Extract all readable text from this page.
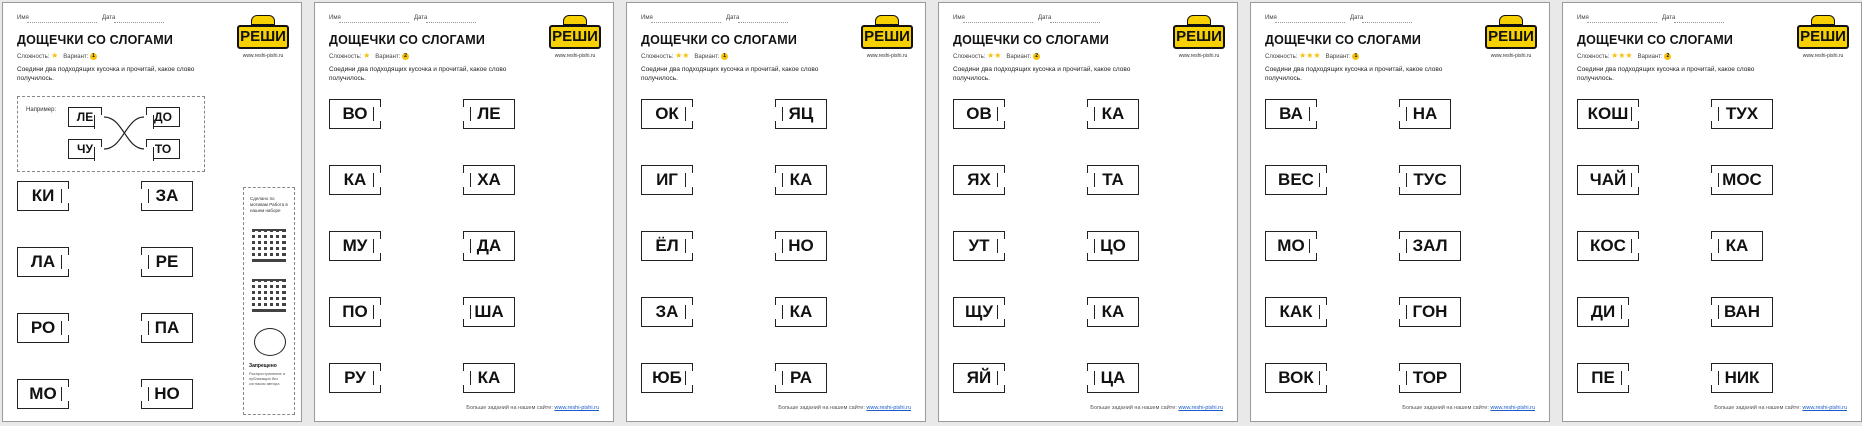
Имя	Дата
ДОЩЕЧКИ СО СЛОГАМИ
Сложность: ★ Вариант: 1
Соедини два подходящих кусочка и прочитай, какое слово получилось.
РЕШИ
www.reshi-pishi.ru
Например:	ЛЕ
ЧУ
ДО
ТО
КИ
ЛА
РО
МО
ЗА
РЕ
ПА
НО
Сделано по мотивам Работа в нашем наборе
Запрещено
Распространение и публикация без согласия автора
Имя	Дата
ДОЩЕЧКИ СО СЛОГАМИ
Сложность: ★ Вариант: 2
Соедини два подходящих кусочка и прочитай, какое слово получилось.
РЕШИ
www.reshi-pishi.ru
ВО
КА
МУ
ПО
РУ
ЛЕ
ХА
ДА
ША
КА
Больше заданий на нашем сайте: www.reshi-pishi.ru
Имя	Дата
ДОЩЕЧКИ СО СЛОГАМИ
Сложность: ★★ Вариант: 1
Соедини два подходящих кусочка и прочитай, какое слово получилось.
РЕШИ
www.reshi-pishi.ru
ОК
ИГ
ЁЛ
ЗА
ЮБ
ЯЦ
КА
НО
КА
РА
Больше заданий на нашем сайте: www.reshi-pishi.ru
Имя	Дата
ДОЩЕЧКИ СО СЛОГАМИ
Сложность: ★★ Вариант: 2
Соедини два подходящих кусочка и прочитай, какое слово получилось.
РЕШИ
www.reshi-pishi.ru
ОВ
ЯХ
УТ
ЩУ
ЯЙ
КА
ТА
ЦО
КА
ЦА
Больше заданий на нашем сайте: www.reshi-pishi.ru
Имя	Дата
ДОЩЕЧКИ СО СЛОГАМИ
Сложность: ★★★ Вариант: 1
Соедини два подходящих кусочка и прочитай, какое слово получилось.
РЕШИ
www.reshi-pishi.ru
ВА
ВЕС
МО
КАК
ВОК
НА
ТУС
ЗАЛ
ГОН
ТОР
Больше заданий на нашем сайте: www.reshi-pishi.ru
Имя	Дата
ДОЩЕЧКИ СО СЛОГАМИ
Сложность: ★★★ Вариант: 2
Соедини два подходящих кусочка и прочитай, какое слово получилось.
РЕШИ
www.reshi-pishi.ru
КОШ
ЧАЙ
КОС
ДИ
ПЕ
ТУХ
МОС
КА
ВАН
НИК
Больше заданий на нашем сайте: www.reshi-pishi.ru
